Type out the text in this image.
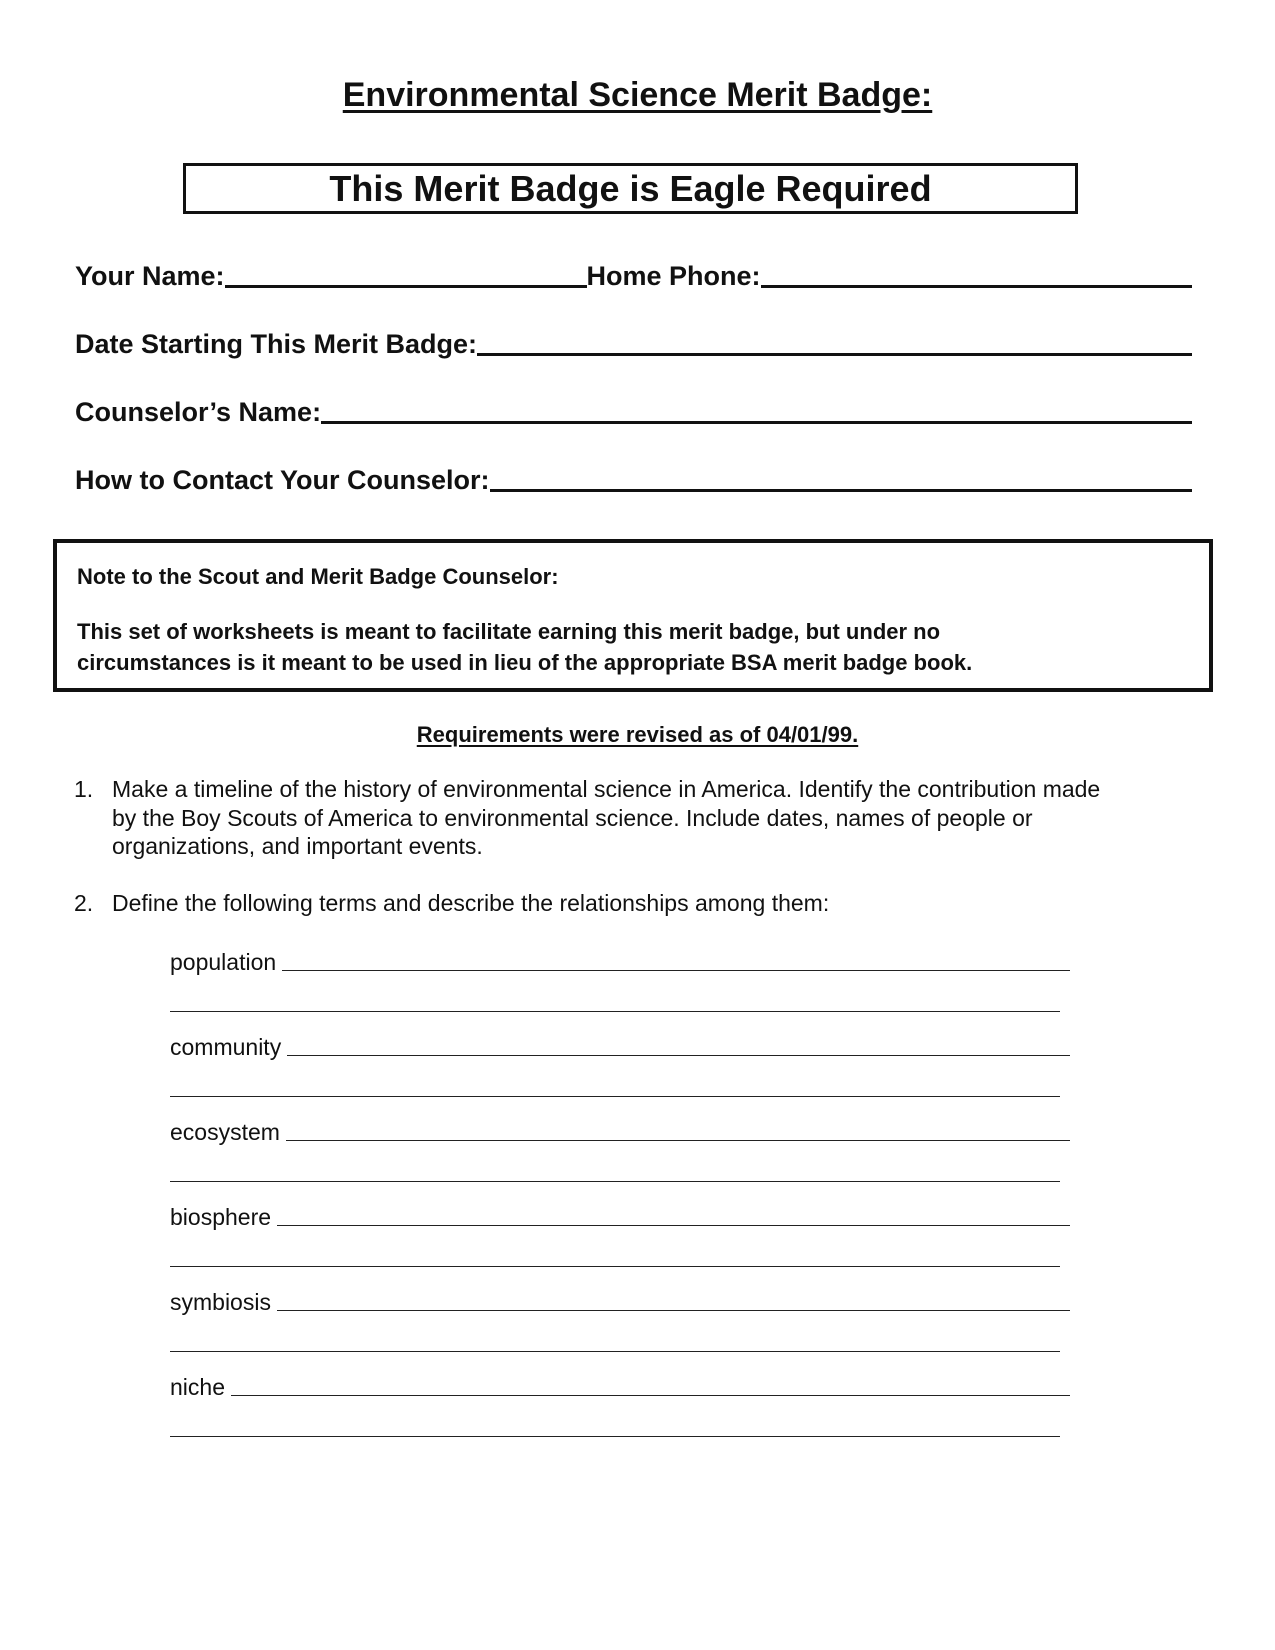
Environmental Science Merit Badge:
This Merit Badge is Eagle Required
Your Name:	Home Phone:
Date Starting This Merit Badge:
Counselor’s Name:
How to Contact Your Counselor:
Note to the Scout and Merit Badge Counselor:
This set of worksheets is meant to facilitate earning this merit badge, but under no
circumstances is it meant to be used in lieu of the appropriate BSA merit badge book.
Requirements were revised as of 04/01/99.
1. Make a timeline of the history of environmental science in America. Identify the contribution made
by the Boy Scouts of America to environmental science. Include dates, names of people or
organizations, and important events.
2. Define the following terms and describe the relationships among them:
population
community
ecosystem
biosphere
symbiosis
niche
